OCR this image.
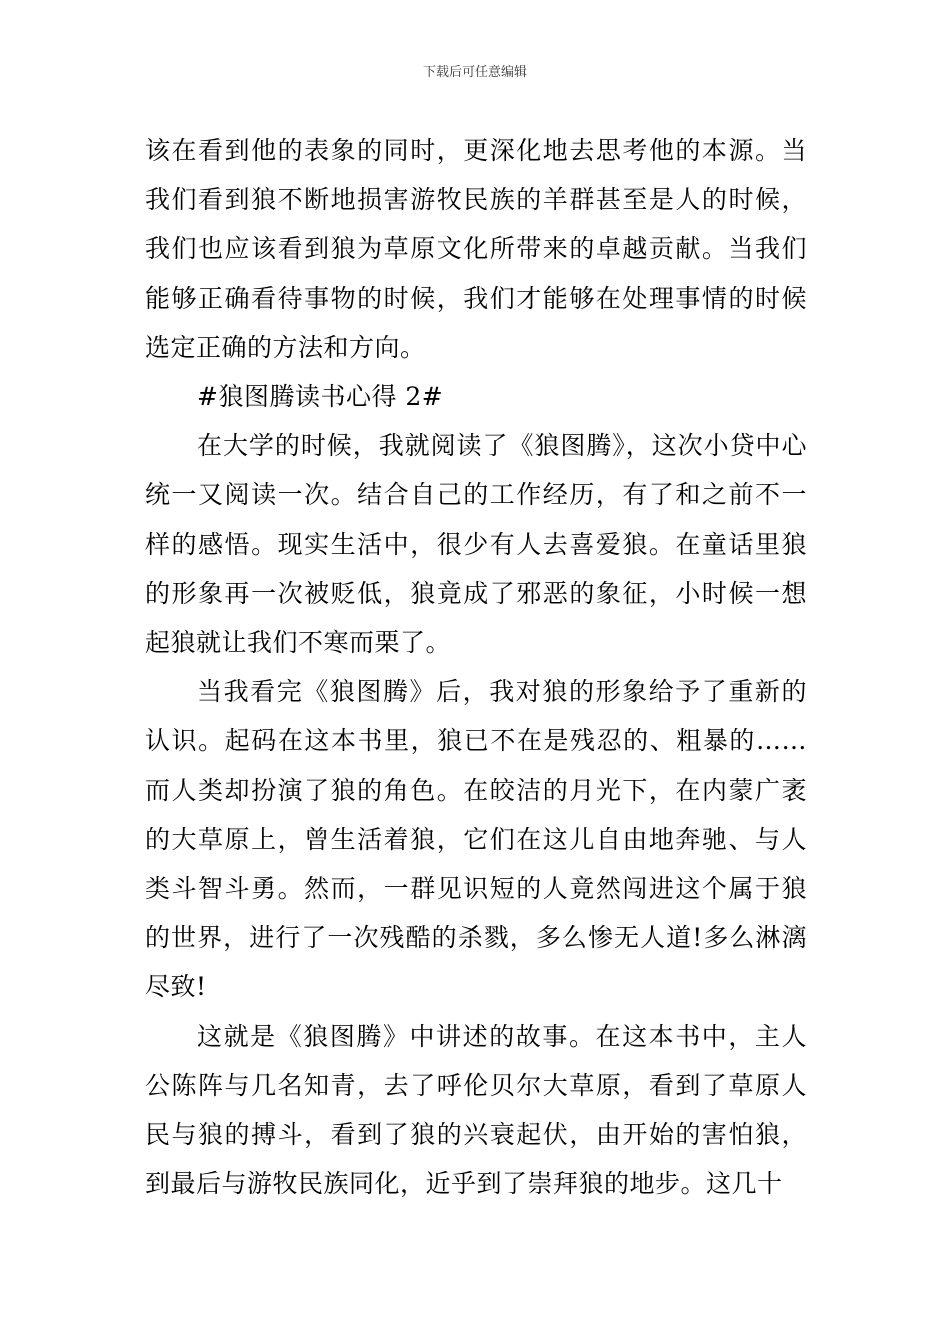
下载后可任意编辑

该在看到他的表象的同时，更深化地去思考他的本源。当我们看到狼不断地损害游牧民族的羊群甚至是人的时候，我们也应该看到狼为草原文化所带来的卓越贡献。当我们能够正确看待事物的时候，我们才能够在处理事情的时候选定正确的方法和方向。

#狼图腾读书心得 2#

在大学的时候，我就阅读了《狼图腾》，这次小贷中心统一又阅读一次。结合自己的工作经历，有了和之前不一样的感悟。现实生活中，很少有人去喜爱狼。在童话里狼的形象再一次被贬低，狼竟成了邪恶的象征，小时候一想起狼就让我们不寒而栗了。

当我看完《狼图腾》后，我对狼的形象给予了重新的认识。起码在这本书里，狼已不在是残忍的、粗暴的……而人类却扮演了狼的角色。在皎洁的月光下，在内蒙广袤的大草原上，曾生活着狼，它们在这儿自由地奔驰、与人类斗智斗勇。然而，一群见识短的人竟然闯进这个属于狼的世界，进行了一次残酷的杀戮，多么惨无人道!多么淋漓尽致!

这就是《狼图腾》中讲述的故事。在这本书中，主人公陈阵与几名知青，去了呼伦贝尔大草原，看到了草原人民与狼的搏斗，看到了狼的兴衰起伏，由开始的害怕狼，到最后与游牧民族同化，近乎到了崇拜狼的地步。这几十
